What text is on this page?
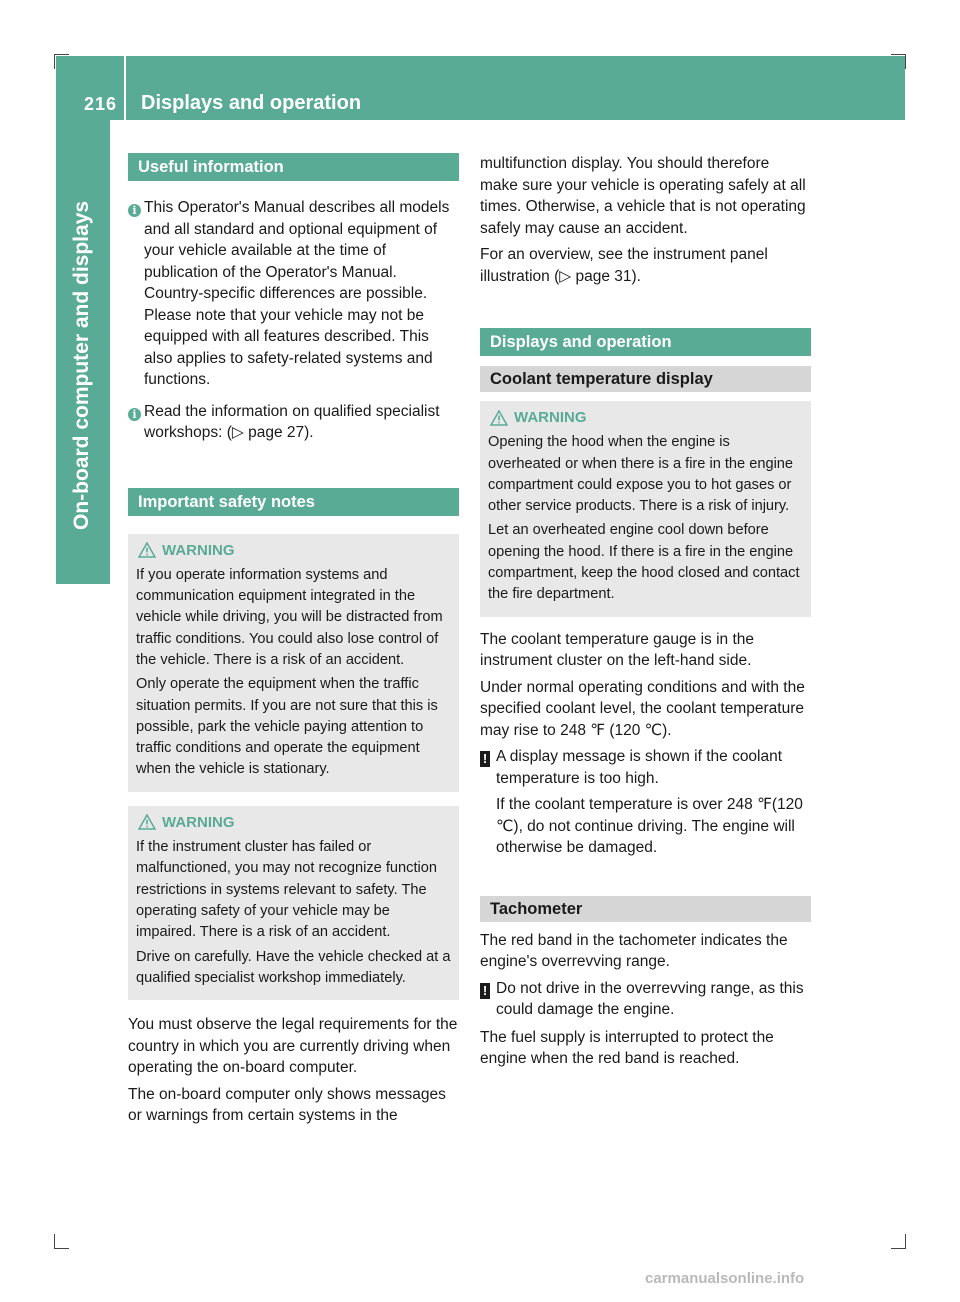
216 Displays and operation
On-board computer and displays
Useful information
i This Operator's Manual describes all models and all standard and optional equipment of your vehicle available at the time of publication of the Operator's Manual. Country-specific differences are possible. Please note that your vehicle may not be equipped with all features described. This also applies to safety-related systems and functions.
i Read the information on qualified specialist workshops: (▷ page 27).
Important safety notes
WARNING

If you operate information systems and communication equipment integrated in the vehicle while driving, you will be distracted from traffic conditions. You could also lose control of the vehicle. There is a risk of an accident.

Only operate the equipment when the traffic situation permits. If you are not sure that this is possible, park the vehicle paying attention to traffic conditions and operate the equipment when the vehicle is stationary.

WARNING

If the instrument cluster has failed or malfunctioned, you may not recognize function restrictions in systems relevant to safety. The operating safety of your vehicle may be impaired. There is a risk of an accident.

Drive on carefully. Have the vehicle checked at a qualified specialist workshop immediately.

You must observe the legal requirements for the country in which you are currently driving when operating the on-board computer.

The on-board computer only shows messages or warnings from certain systems in the

multifunction display. You should therefore make sure your vehicle is operating safely at all times. Otherwise, a vehicle that is not operating safely may cause an accident.

For an overview, see the instrument panel illustration (▷ page 31).

Displays and operation
Coolant temperature display
WARNING

Opening the hood when the engine is overheated or when there is a fire in the engine compartment could expose you to hot gases or other service products. There is a risk of injury.

Let an overheated engine cool down before opening the hood. If there is a fire in the engine compartment, keep the hood closed and contact the fire department.

The coolant temperature gauge is in the instrument cluster on the left-hand side.

Under normal operating conditions and with the specified coolant level, the coolant temperature may rise to 248 ℉ (120 ℃).

! A display message is shown if the coolant temperature is too high.

If the coolant temperature is over 248 ℉(120 ℃), do not continue driving. The engine will otherwise be damaged.

Tachometer

The red band in the tachometer indicates the engine's overrevving range.

! Do not drive in the overrevving range, as this could damage the engine.

The fuel supply is interrupted to protect the engine when the red band is reached.

carmanualsonline.info
